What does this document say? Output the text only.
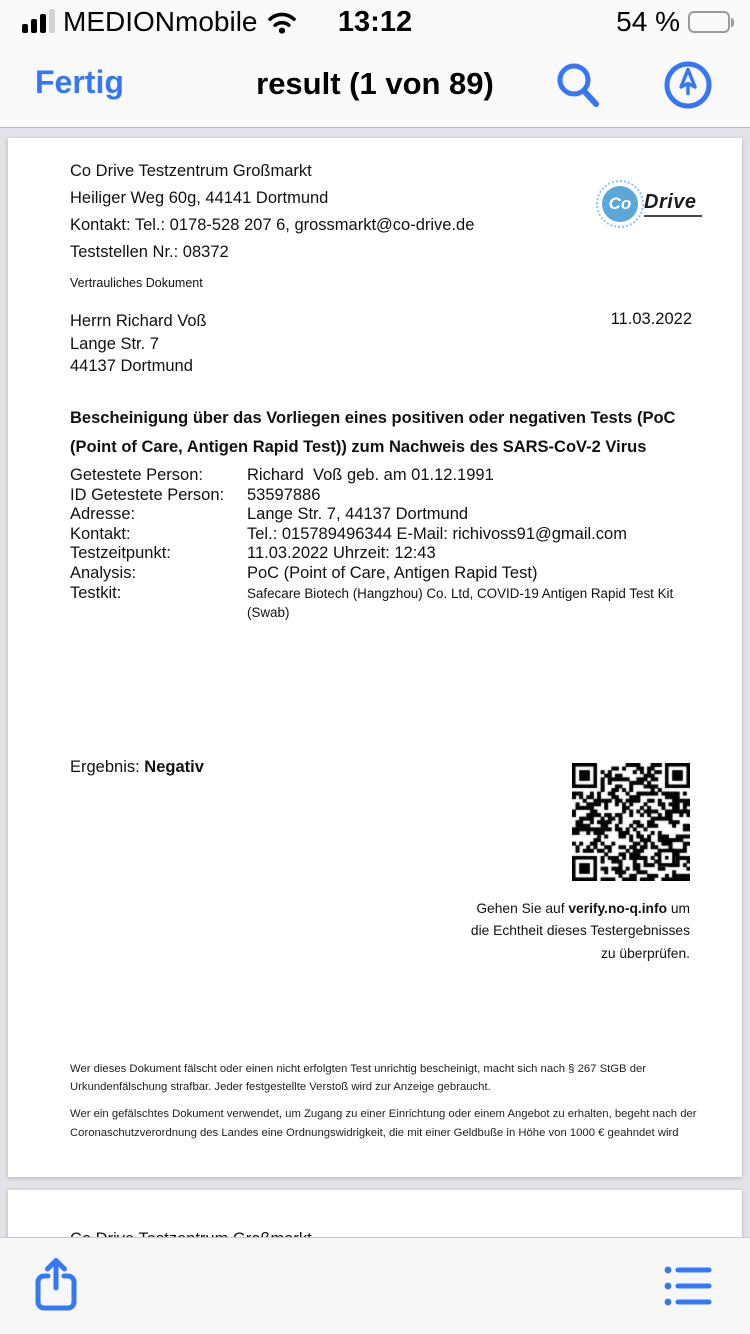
MEDIONmobile	13:12	54 %
Fertig	result (1 von 89)
Co Drive Testzentrum Großmarkt
Heiliger Weg 60g, 44141 Dortmund
Kontakt: Tel.: 0178-528 207 6, grossmarkt@co-drive.de
Teststellen Nr.: 08372
Co Drive
Vertrauliches Dokument
Herrn Richard Voß
Lange Str. 7
44137 Dortmund
11.03.2022
Bescheinigung über das Vorliegen eines positiven oder negativen Tests (PoC (Point of Care, Antigen Rapid Test)) zum Nachweis des SARS-CoV-2 Virus
Getestete Person:	Richard  Voß geb. am 01.12.1991
ID Getestete Person:	53597886
Adresse:	Lange Str. 7, 44137 Dortmund
Kontakt:	Tel.: 015789496344 E-Mail: richivoss91@gmail.com
Testzeitpunkt:	11.03.2022 Uhrzeit: 12:43
Analysis:	PoC (Point of Care, Antigen Rapid Test)
Testkit:	Safecare Biotech (Hangzhou) Co. Ltd, COVID-19 Antigen Rapid Test Kit (Swab)
Ergebnis: Negativ
Gehen Sie auf verify.no-q.info um
die Echtheit dieses Testergebnisses
zu überprüfen.

Wer dieses Dokument fälscht oder einen nicht erfolgten Test unrichtig bescheinigt, macht sich nach § 267 StGB der Urkundenfälschung strafbar. Jeder festgestellte Verstoß wird zur Anzeige gebraucht.

Wer ein gefälschtes Dokument verwendet, um Zugang zu einer Einrichtung oder einem Angebot zu erhalten, begeht nach der Coronaschutzverordnung des Landes eine Ordnungswidrigkeit, die mit einer Geldbuße in Höhe von 1000 € geahndet wird
